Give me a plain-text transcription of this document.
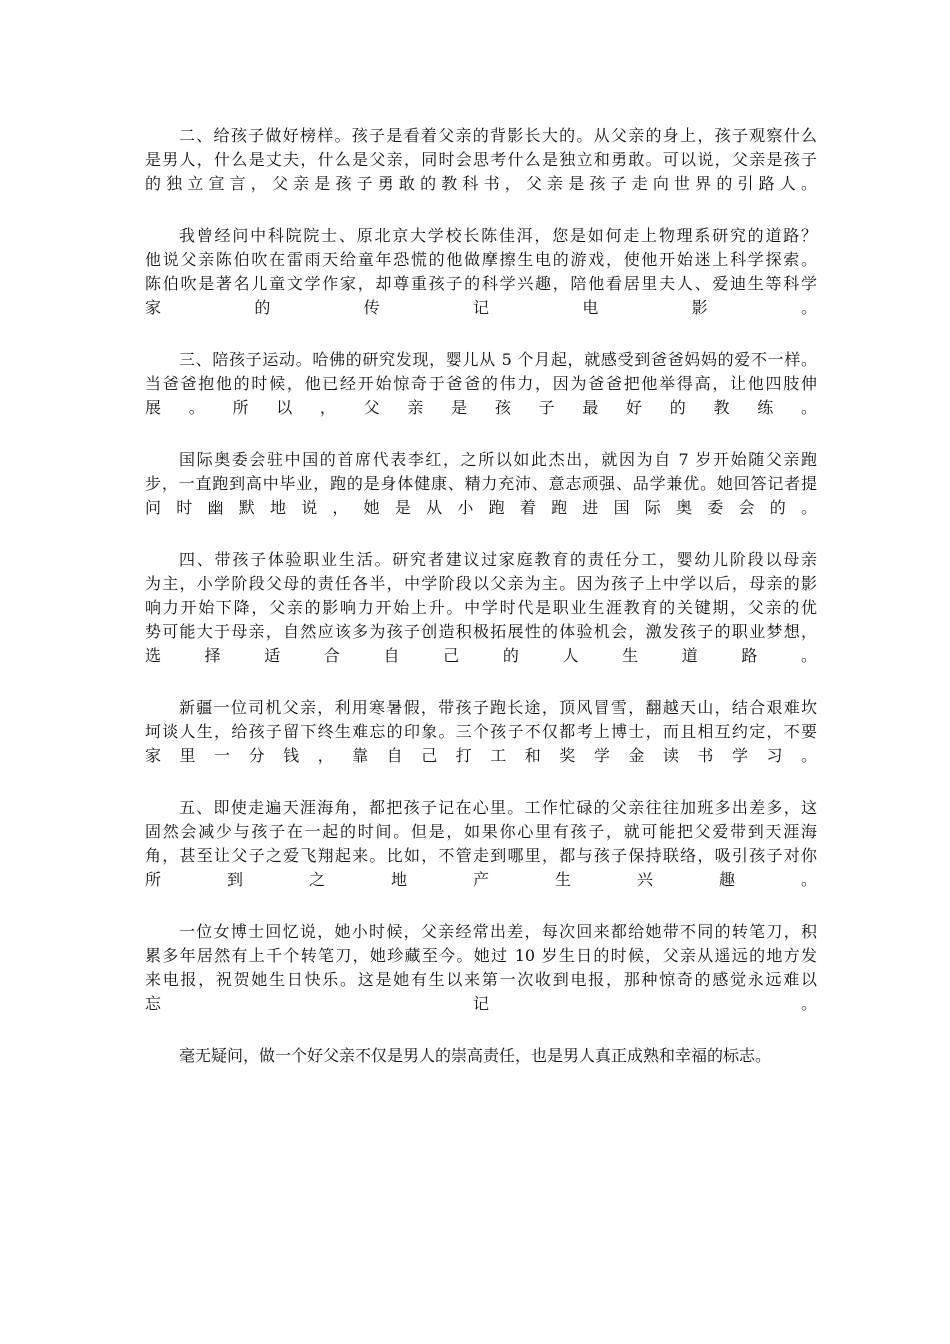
二、给孩子做好榜样。孩子是看着父亲的背影长大的。从父亲的身上，孩子观察什么
是男人，什么是丈夫，什么是父亲，同时会思考什么是独立和勇敢。可以说，父亲是孩子
的 独 立 宣 言 ， 父 亲 是 孩 子 勇 敢 的 教 科 书 ， 父 亲 是 孩 子 走 向 世 界 的 引 路 人 。
我曾经问中科院院士、原北京大学校长陈佳洱，您是如何走上物理系研究的道路？
他说父亲陈伯吹在雷雨天给童年恐慌的他做摩擦生电的游戏，使他开始迷上科学探索。
陈伯吹是著名儿童文学作家，却尊重孩子的科学兴趣，陪他看居里夫人、爱迪生等科学
家 的 传 记 电 影 。
三、陪孩子运动。哈佛的研究发现，婴儿从 5 个月起，就感受到爸爸妈妈的爱不一样。
当爸爸抱他的时候，他已经开始惊奇于爸爸的伟力，因为爸爸把他举得高，让他四肢伸
展 。 所 以 ， 父 亲 是 孩 子 最 好 的 教 练 。
国际奥委会驻中国的首席代表李红，之所以如此杰出，就因为自 7 岁开始随父亲跑
步，一直跑到高中毕业，跑的是身体健康、精力充沛、意志顽强、品学兼优。她回答记者提
问 时 幽 默 地 说 ， 她 是 从 小 跑 着 跑 进 国 际 奥 委 会 的 。
四、带孩子体验职业生活。研究者建议过家庭教育的责任分工，婴幼儿阶段以母亲
为主，小学阶段父母的责任各半，中学阶段以父亲为主。因为孩子上中学以后，母亲的影
响力开始下降，父亲的影响力开始上升。中学时代是职业生涯教育的关键期，父亲的优
势可能大于母亲，自然应该多为孩子创造积极拓展性的体验机会，激发孩子的职业梦想，
选 择 适 合 自 己 的 人 生 道 路 。
新疆一位司机父亲，利用寒暑假，带孩子跑长途，顶风冒雪，翻越天山，结合艰难坎
坷谈人生，给孩子留下终生难忘的印象。三个孩子不仅都考上博士，而且相互约定，不要
家 里 一 分 钱 ， 靠 自 己 打 工 和 奖 学 金 读 书 学 习 。
五、即使走遍天涯海角，都把孩子记在心里。工作忙碌的父亲往往加班多出差多，这
固然会减少与孩子在一起的时间。但是，如果你心里有孩子，就可能把父爱带到天涯海
角，甚至让父子之爱飞翔起来。比如，不管走到哪里，都与孩子保持联络，吸引孩子对你
所 到 之 地 产 生 兴 趣 。
一位女博士回忆说，她小时候，父亲经常出差，每次回来都给她带不同的转笔刀，积
累多年居然有上千个转笔刀，她珍藏至今。她过 10 岁生日的时候，父亲从遥远的地方发
来电报，祝贺她生日快乐。这是她有生以来第一次收到电报，那种惊奇的感觉永远难以
忘 记 。
毫无疑问，做一个好父亲不仅是男人的崇高责任，也是男人真正成熟和幸福的标志。
